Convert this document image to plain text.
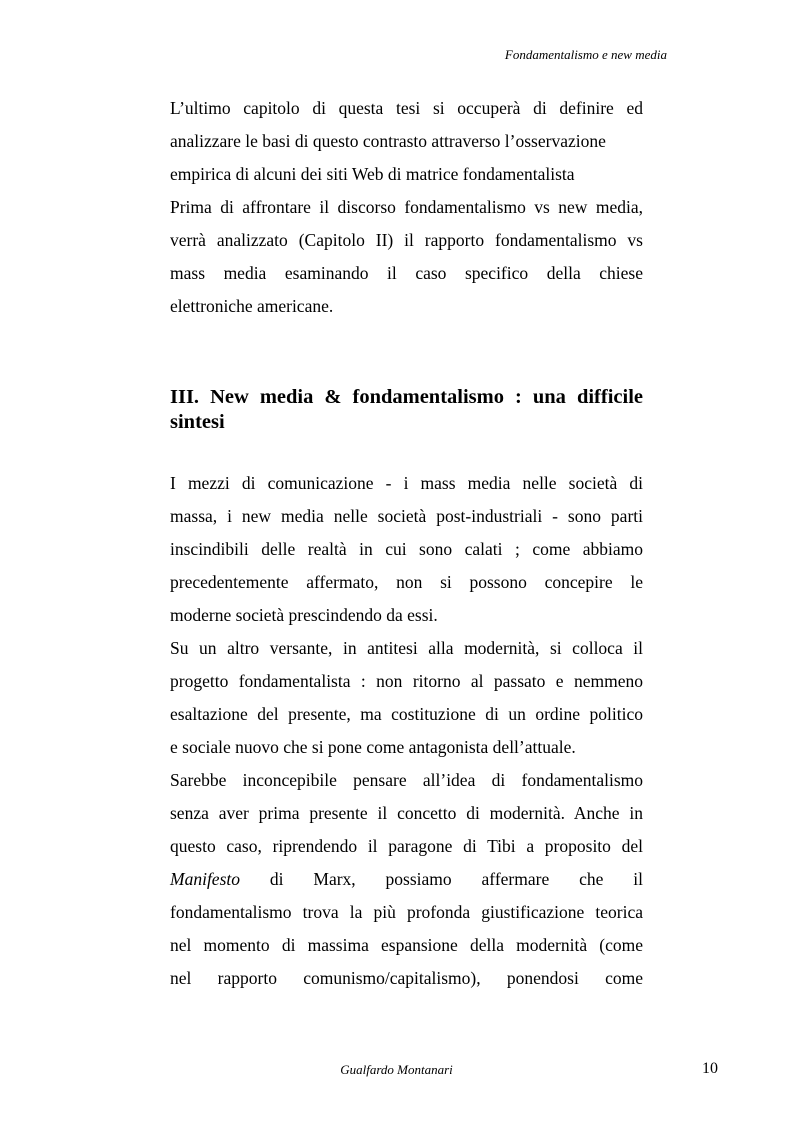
Fondamentalismo e new media
L’ultimo capitolo di questa tesi si occuperà di definire ed
analizzare le basi di questo contrasto attraverso l’osservazione
empirica di alcuni dei siti Web di matrice fondamentalista
Prima di affrontare il discorso fondamentalismo vs new media,
verrà analizzato (Capitolo II) il rapporto fondamentalismo vs
mass media esaminando il caso specifico della chiese
elettroniche americane.
III. New media & fondamentalismo : una difficile
sintesi
I mezzi di comunicazione - i mass media nelle società di
massa, i new media nelle società post-industriali - sono parti
inscindibili delle realtà in cui sono calati ; come abbiamo
precedentemente affermato, non si possono concepire le
moderne società prescindendo da essi.
Su un altro versante, in antitesi alla modernità, si colloca il
progetto fondamentalista : non ritorno al passato e nemmeno
esaltazione del presente, ma costituzione di un ordine politico
e sociale nuovo che si pone come antagonista dell’attuale.
Sarebbe inconcepibile pensare all’idea di fondamentalismo
senza aver prima presente il concetto di modernità. Anche in
questo caso, riprendendo il paragone di Tibi a proposito del
Manifesto di Marx, possiamo affermare che il
fondamentalismo trova la più profonda giustificazione teorica
nel momento di massima espansione della modernità (come
nel rapporto comunismo/capitalismo), ponendosi come
Gualfardo Montanari	10
